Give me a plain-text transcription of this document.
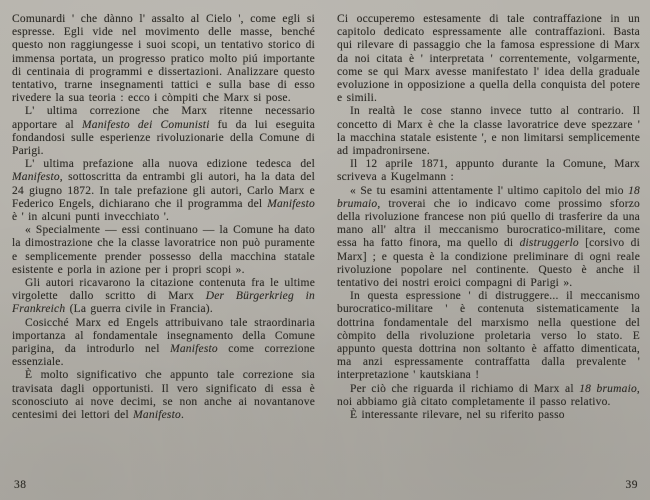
Comunardi ' che dànno l' assalto al Cielo ', come egli si espresse. Egli vide nel movimento delle masse, benché questo non raggiungesse i suoi scopi, un tentativo storico di immensa portata, un progresso pratico molto piú importante di centinaia di programmi e dissertazioni. Analizzare questo tentativo, trarne insegnamenti tattici e sulla base di esso rivedere la sua teoria : ecco i còmpiti che Marx si pose.

L' ultima correzione che Marx ritenne necessario apportare al Manifesto dei Comunisti fu da lui eseguita fondandosi sulle esperienze rivoluzionarie della Comune di Parigi.

L' ultima prefazione alla nuova edizione tedesca del Manifesto, sottoscritta da entrambi gli autori, ha la data del 24 giugno 1872. In tale prefazione gli autori, Carlo Marx e Federico Engels, dichiarano che il programma del Manifesto è ' in alcuni punti invecchiato '.

« Specialmente — essi continuano — la Comune ha dato la dimostrazione che la classe lavoratrice non può puramente e semplicemente prender possesso della macchina statale esistente e porla in azione per i propri scopi ».

Gli autori ricavarono la citazione contenuta fra le ultime virgolette dallo scritto di Marx Der Bürgerkrieg in Frankreich (La guerra civile in Francia).

Cosicché Marx ed Engels attribuivano tale straordinaria importanza al fondamentale insegnamento della Comune parigina, da introdurlo nel Manifesto come correzione essenziale.

È molto significativo che appunto tale correzione sia travisata dagli opportunisti. Il vero significato di essa è sconosciuto ai nove decimi, se non anche ai novantanove centesimi dei lettori del Manifesto.

38

Ci occuperemo estesamente di tale contraffazione in un capitolo dedicato espressamente alle contraffazioni. Basta qui rilevare di passaggio che la famosa espressione di Marx da noi citata è ' interpretata ' correntemente, volgarmente, come se qui Marx avesse manifestato l' idea della graduale evoluzione in opposizione a quella della conquista del potere e simili.

In realtà le cose stanno invece tutto al contrario. Il concetto di Marx è che la classe lavoratrice deve spezzare ' la macchina statale esistente ', e non limitarsi semplicemente ad impadronirsene.

Il 12 aprile 1871, appunto durante la Comune, Marx scriveva a Kugelmann :

« Se tu esamini attentamente l' ultimo capitolo del mio 18 brumaio, troverai che io indicavo come prossimo sforzo della rivoluzione francese non piú quello di trasferire da una mano all' altra il meccanismo burocratico-militare, come essa ha fatto finora, ma quello di distruggerlo [corsivo di Marx] ; e questa è la condizione preliminare di ogni reale rivoluzione popolare nel continente. Questo è anche il tentativo dei nostri eroici compagni di Parigi ».

In questa espressione ' di distruggere... il meccanismo burocratico-militare ' è contenuta sistematicamente la dottrina fondamentale del marxismo nella questione del còmpito della rivoluzione proletaria verso lo stato. E appunto questa dottrina non soltanto è affatto dimenticata, ma anzi espressamente contraffatta dalla prevalente ' interpretazione ' kautskiana !

Per ciò che riguarda il richiamo di Marx al 18 brumaio, noi abbiamo già citato completamente il passo relativo.

È interessante rilevare, nel su riferito passo

39
